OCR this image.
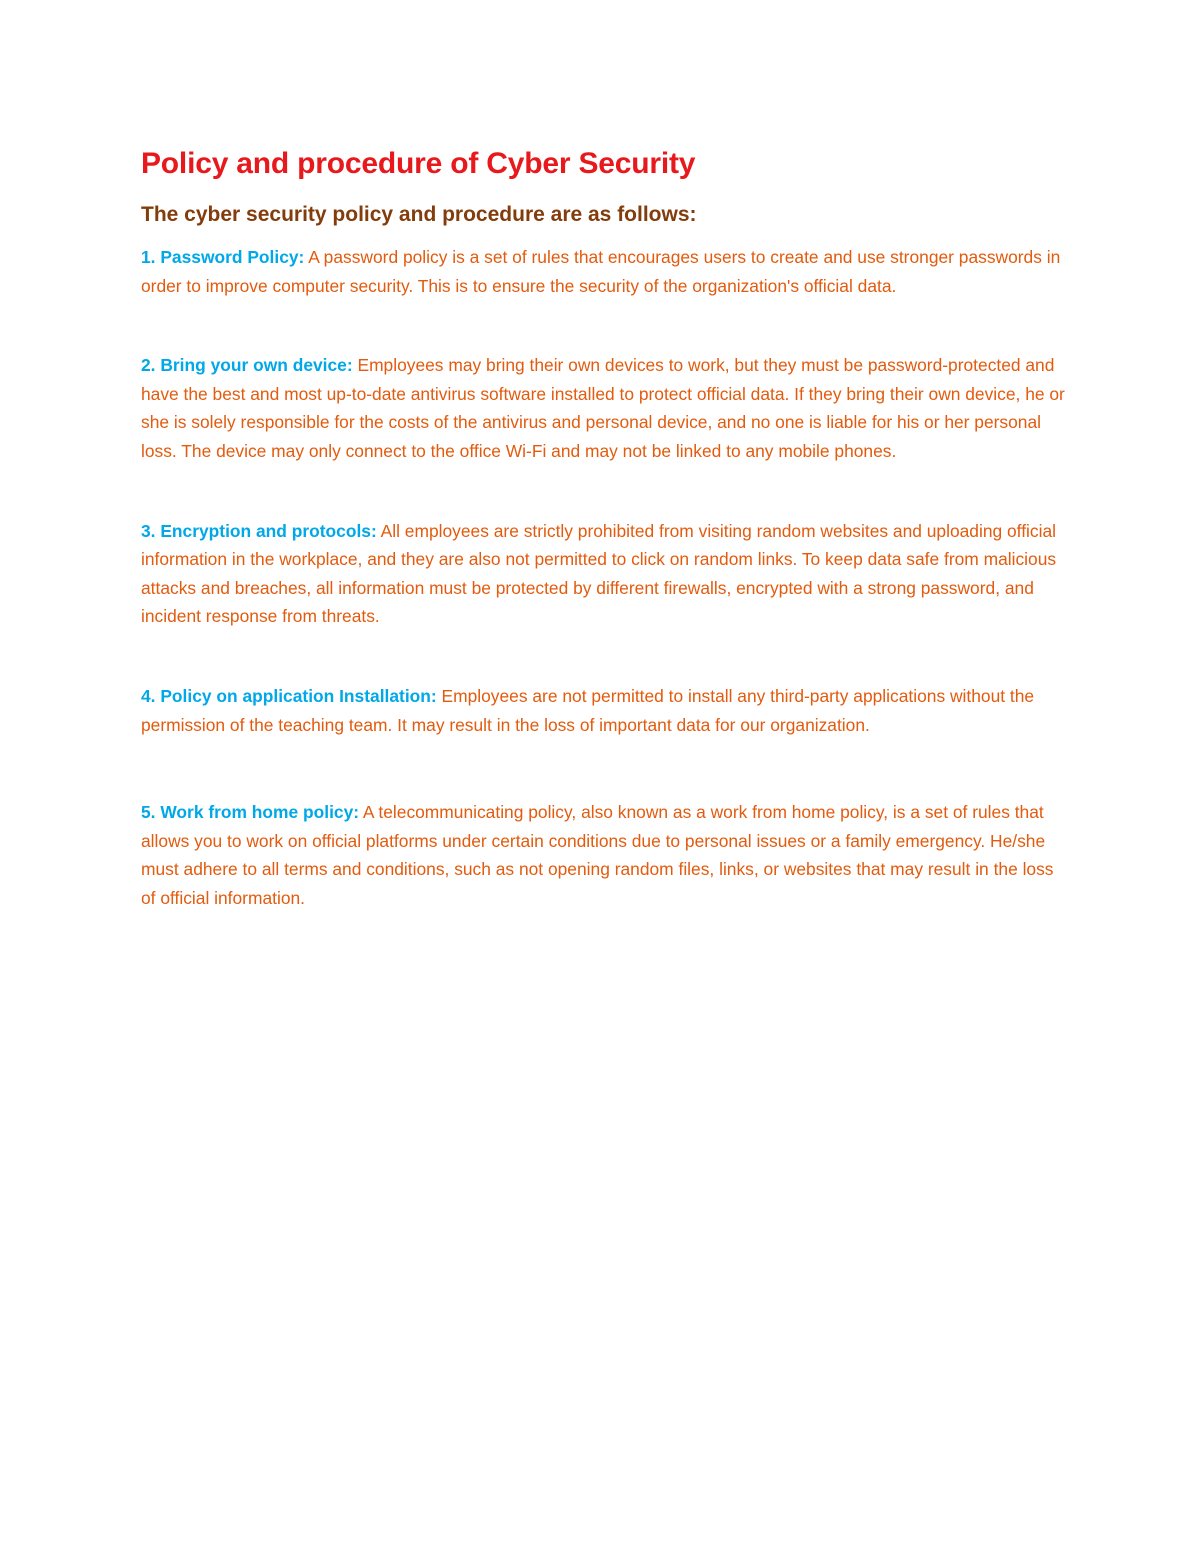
Policy and procedure of Cyber Security
The cyber security policy and procedure are as follows:

1. Password Policy: A password policy is a set of rules that encourages users to create and use stronger passwords in order to improve computer security. This is to ensure the security of the organization's official data.

2. Bring your own device: Employees may bring their own devices to work, but they must be password-protected and have the best and most up-to-date antivirus software installed to protect official data. If they bring their own device, he or she is solely responsible for the costs of the antivirus and personal device, and no one is liable for his or her personal loss. The device may only connect to the office Wi-Fi and may not be linked to any mobile phones.

3. Encryption and protocols: All employees are strictly prohibited from visiting random websites and uploading official information in the workplace, and they are also not permitted to click on random links. To keep data safe from malicious attacks and breaches, all information must be protected by different firewalls, encrypted with a strong password, and incident response from threats.

4. Policy on application Installation: Employees are not permitted to install any third-party applications without the permission of the teaching team. It may result in the loss of important data for our organization.

5. Work from home policy: A telecommunicating policy, also known as a work from home policy, is a set of rules that allows you to work on official platforms under certain conditions due to personal issues or a family emergency. He/she must adhere to all terms and conditions, such as not opening random files, links, or websites that may result in the loss of official information.
